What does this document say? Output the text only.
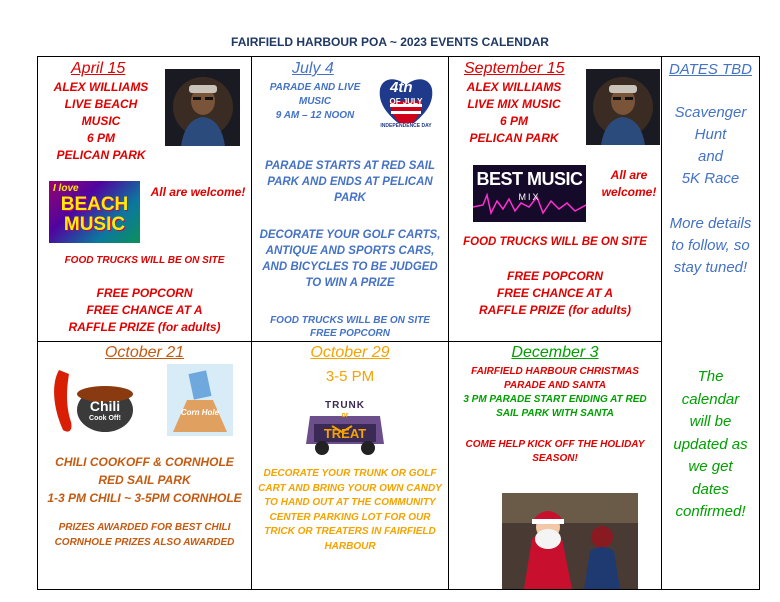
FAIRFIELD HARBOUR POA ~ 2023 EVENTS CALENDAR
April 15
ALEX WILLIAMS
LIVE BEACH
MUSIC
6 PM
PELICAN PARK
I love
BEACH MUSIC
All are welcome!
FOOD TRUCKS WILL BE ON SITE
FREE POPCORN
FREE CHANCE AT A
RAFFLE PRIZE (for adults)
July 4
PARADE AND LIVE
MUSIC
9 AM – 12 NOON
4th
OF JULY
INDEPENDENCE DAY
PARADE STARTS AT RED SAIL PARK AND ENDS AT PELICAN PARK
DECORATE YOUR GOLF CARTS, ANTIQUE AND SPORTS CARS, AND BICYCLES TO BE JUDGED TO WIN A PRIZE
FOOD TRUCKS WILL BE ON SITE
FREE POPCORN
September 15
ALEX WILLIAMS
LIVE MIX MUSIC
6 PM
PELICAN PARK
BEST MUSIC
MIX
All are welcome!
FOOD TRUCKS WILL BE ON SITE
FREE POPCORN
FREE CHANCE AT A
RAFFLE PRIZE (for adults)
DATES TBD
Scavenger
Hunt
and
5K Race
More details
to follow, so
stay tuned!
The
calendar
will be
updated as
we get
dates
confirmed!
October 21
Chili
Cook Off!
Corn Hole
CHILI COOKOFF & CORNHOLE
RED SAIL PARK
1-3 PM CHILI ~ 3-5PM CORNHOLE
PRIZES AWARDED FOR BEST CHILI
CORNHOLE PRIZES ALSO AWARDED
October 29
3-5 PM
TRUNK
or
TREAT
DECORATE YOUR TRUNK OR GOLF CART AND BRING YOUR OWN CANDY TO HAND OUT AT THE COMMUNITY CENTER PARKING LOT FOR OUR TRICK OR TREATERS IN FAIRFIELD HARBOUR
December 3
FAIRFIELD HARBOUR CHRISTMAS PARADE AND SANTA
3 PM PARADE START ENDING AT RED SAIL PARK WITH SANTA
COME HELP KICK OFF THE HOLIDAY SEASON!
